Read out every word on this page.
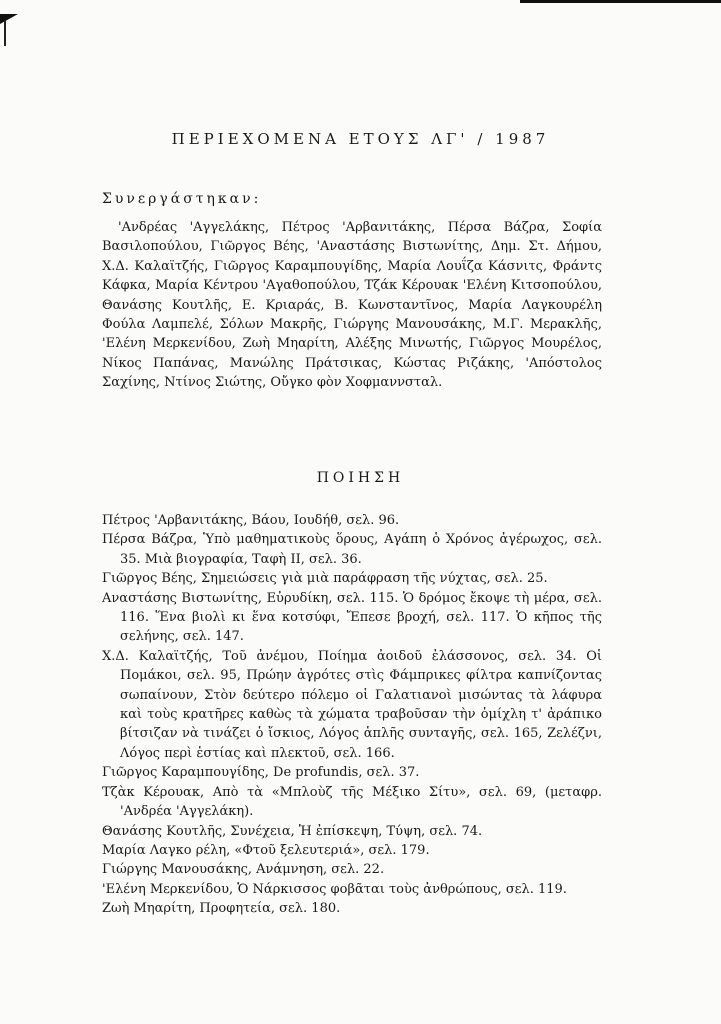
ΠΕΡΙΕΧΟΜΕΝΑ ΕΤΟΥΣ ΛΓ' / 1987
Συνεργάστηκαν:

'Ανδρέας 'Αγγελάκης, Πέτρος 'Αρβανιτάκης, Πέρσα Βάζρα, Σοφία Βασιλοπούλου, Γιῶργος Βέης, 'Αναστάσης Βιστωνίτης, Δημ. Στ. Δήμου, Χ.Δ. Καλαϊτζής, Γιῶργος Καραμπουγίδης, Μαρία Λουΐζα Κάσνιτς, Φράντς Κάφκα, Μαρία Κέντρου 'Αγαθοπούλου, Τζάκ Κέρουακ 'Ελένη Κιτσοπούλου, Θανάσης Κουτλῆς, Ε. Κριαράς, Β. Κωνσταντῖνος, Μαρία Λαγκουρέλη Φούλα Λαμπελέ, Σόλων Μακρῆς, Γιώργης Μανουσάκης, Μ.Γ. Μερακλῆς, 'Ελένη Μερκενίδου, Ζωὴ Μηαρίτη, Αλέξης Μινωτής, Γιῶργος Μουρέλος, Νίκος Παπάνας, Μανώλης Πράτσικας, Κώστας Ριζάκης, 'Απόστολος Σαχίνης, Ντίνος Σιώτης, Οὔγκο φὸν Χοφμαννσταλ.

ΠΟΙΗΣΗ
Πέτρος 'Αρβανιτάκης, Βάου, Ιουδήθ, σελ. 96.
Πέρσα Βάζρα, Ὑπὸ μαθηματικοὺς ὅρους, Αγάπη ὁ Χρόνος ἀγέρωχος, σελ. 35. Μιὰ βιογραφία, Ταφὴ ΙΙ, σελ. 36.
Γιῶργος Βέης, Σημειώσεις γιὰ μιὰ παράφραση τῆς νύχτας, σελ. 25.
Αναστάσης Βιστωνίτης, Εὐρυδίκη, σελ. 115. Ὁ δρόμος ἔκοψε τὴ μέρα, σελ. 116. Ἕνα βιολὶ κι ἕνα κοτσύφι, Ἔπεσε βροχή, σελ. 117. Ὁ κῆπος τῆς σελήνης, σελ. 147.
Χ.Δ. Καλαϊτζής, Τοῦ ἀνέμου, Ποίημα ἀοιδοῦ ἐλάσσονος, σελ. 34. Οἱ Πομάκοι, σελ. 95, Πρώην ἀγρότες στὶς Φάμπρικες φίλτρα καπνίζοντας σωπαίνουν, Στὸν δεύτερο πόλεμο οἱ Γαλατιανοὶ μισώντας τὰ λάφυρα καὶ τοὺς κρατῆρες καθὼς τὰ χώματα τραβοῦσαν τὴν ὁμίχλη τ' ἀράπικο βίτσιζαν νὰ τινάζει ὁ ἴσκιος, Λόγος ἁπλῆς συνταγῆς, σελ. 165, Ζελέζνι, Λόγος περὶ ἑστίας καὶ πλεκτοῦ, σελ. 166.
Γιῶργος Καραμπουγίδης, De profundis, σελ. 37.
Τζὰκ Κέρουακ, Απὸ τὰ «Μπλοὺζ τῆς Μέξικο Σίτυ», σελ. 69, (μεταφρ. 'Ανδρέα 'Αγγελάκη).
Θανάσης Κουτλῆς, Συνέχεια, Ἡ ἐπίσκεψη, Τύψη, σελ. 74.
Μαρία Λαγκο ρέλη, «Φτοῦ ξελευτεριά», σελ. 179.
Γιώργης Μανουσάκης, Ανάμνηση, σελ. 22.
'Ελένη Μερκενίδου, Ὁ Νάρκισσος φοβᾶται τοὺς ἀνθρώπους, σελ. 119.
Ζωὴ Μηαρίτη, Προφητεία, σελ. 180.
